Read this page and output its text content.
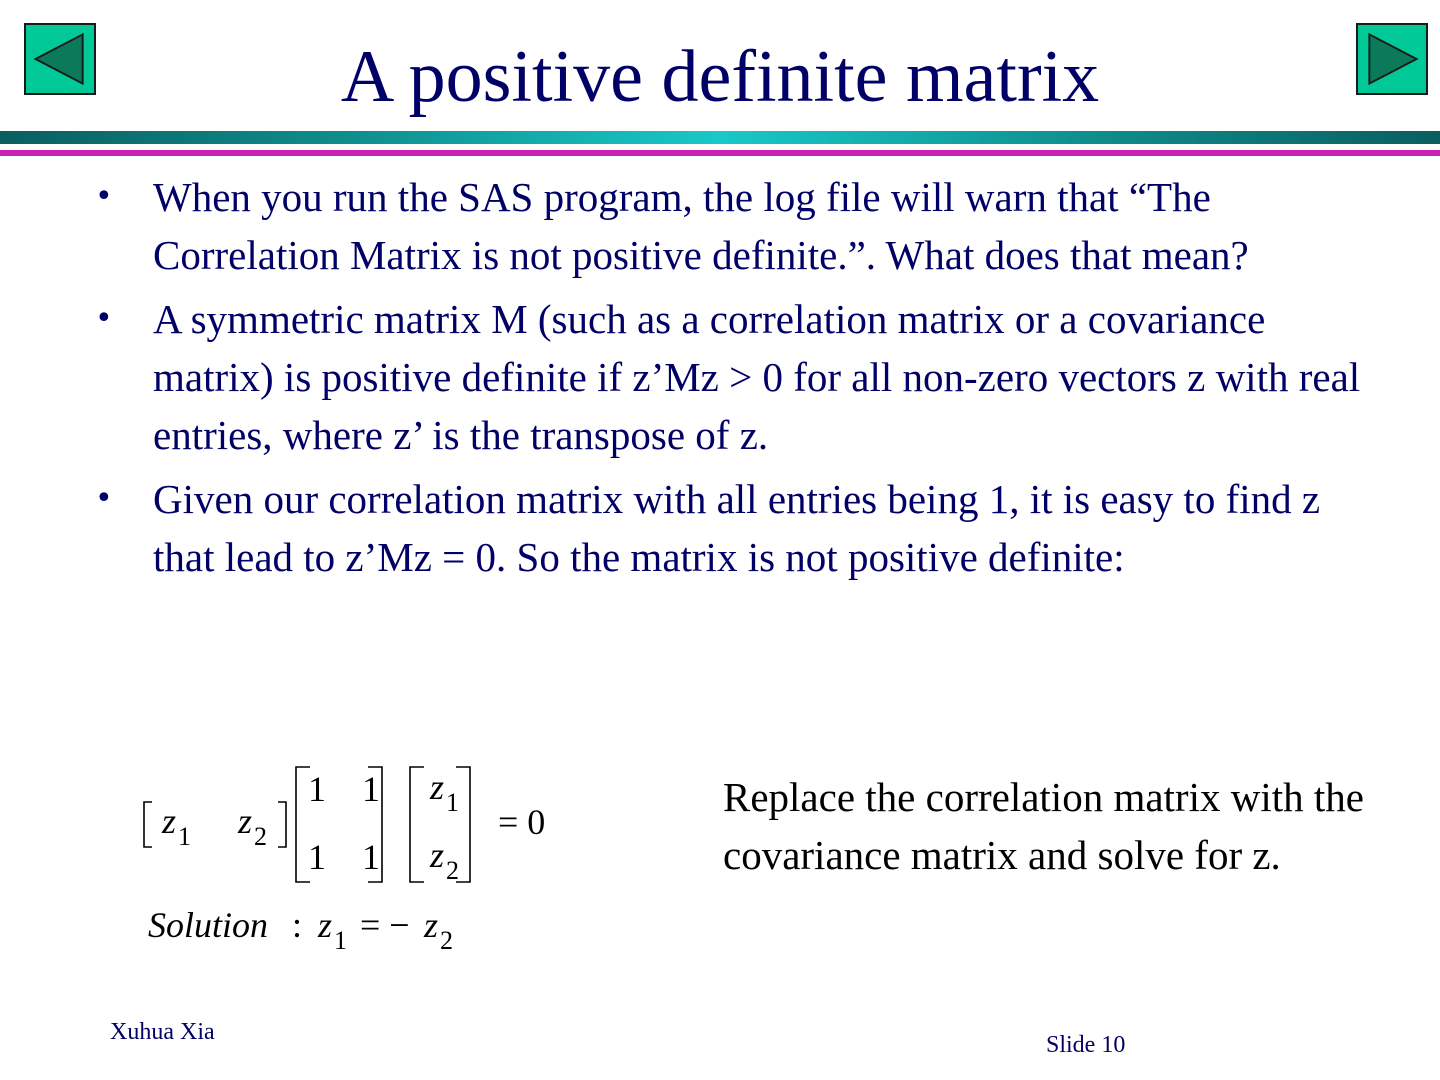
A positive definite matrix
• When you run the SAS program, the log file will warn that “The Correlation Matrix is not positive definite.”. What does that mean?
• A symmetric matrix M (such as a correlation matrix or a covariance matrix) is positive definite if z’Mz > 0 for all non-zero vectors z with real entries, where z’ is the transpose of z.
• Given our correlation matrix with all entries being 1, it is easy to find z that lead to z’Mz = 0. So the matrix is not positive definite:
z 1 z 2
1 1
1 1
z 1
z 2
= 0
Solution : z 1 = − z 2
Replace the correlation matrix with the covariance matrix and solve for z.
Xuhua Xia	Slide 10
